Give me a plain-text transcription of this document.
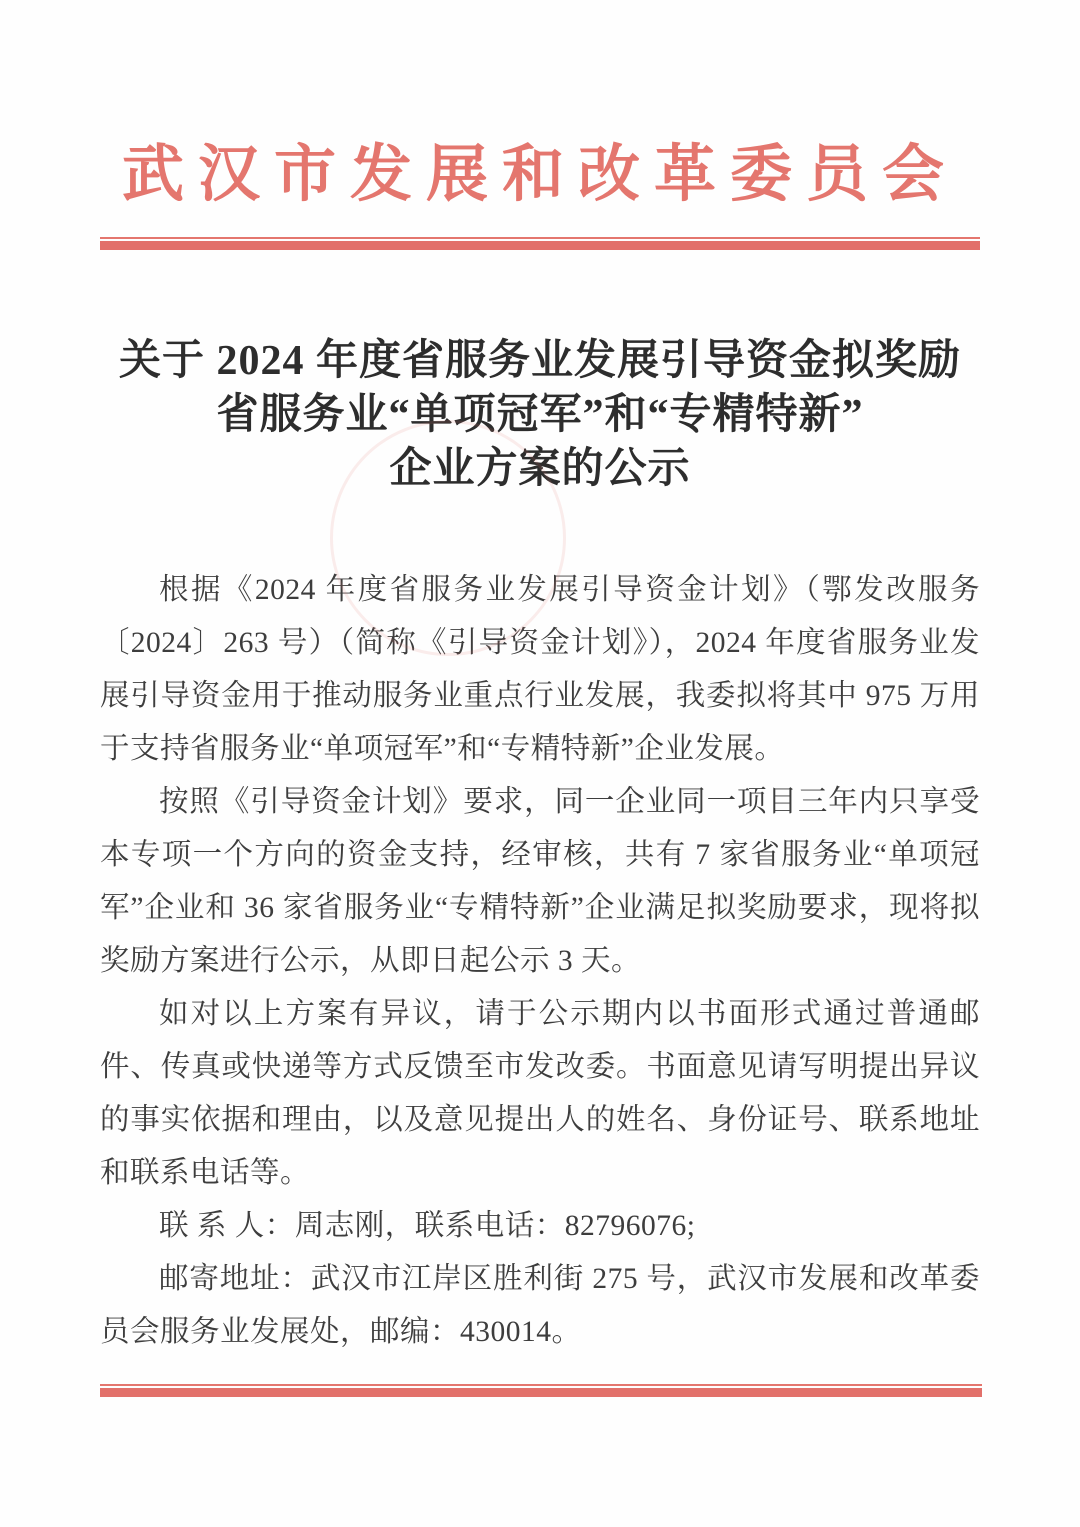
武汉市发展和改革委员会
关于 2024 年度省服务业发展引导资金拟奖励
省服务业“单项冠军”和“专精特新”
企业方案的公示

根据《2024 年度省服务业发展引导资金计划》（鄂发改服务〔2024〕263 号）（简称《引导资金计划》），2024 年度省服务业发展引导资金用于推动服务业重点行业发展，我委拟将其中 975 万用于支持省服务业“单项冠军”和“专精特新”企业发展。

按照《引导资金计划》要求，同一企业同一项目三年内只享受本专项一个方向的资金支持，经审核，共有 7 家省服务业“单项冠军”企业和 36 家省服务业“专精特新”企业满足拟奖励要求，现将拟奖励方案进行公示，从即日起公示 3 天。

如对以上方案有异议，请于公示期内以书面形式通过普通邮件、传真或快递等方式反馈至市发改委。书面意见请写明提出异议的事实依据和理由，以及意见提出人的姓名、身份证号、联系地址和联系电话等。

联 系 人：周志刚，联系电话：82796076;

邮寄地址：武汉市江岸区胜利街 275 号，武汉市发展和改革委员会服务业发展处，邮编：430014。
